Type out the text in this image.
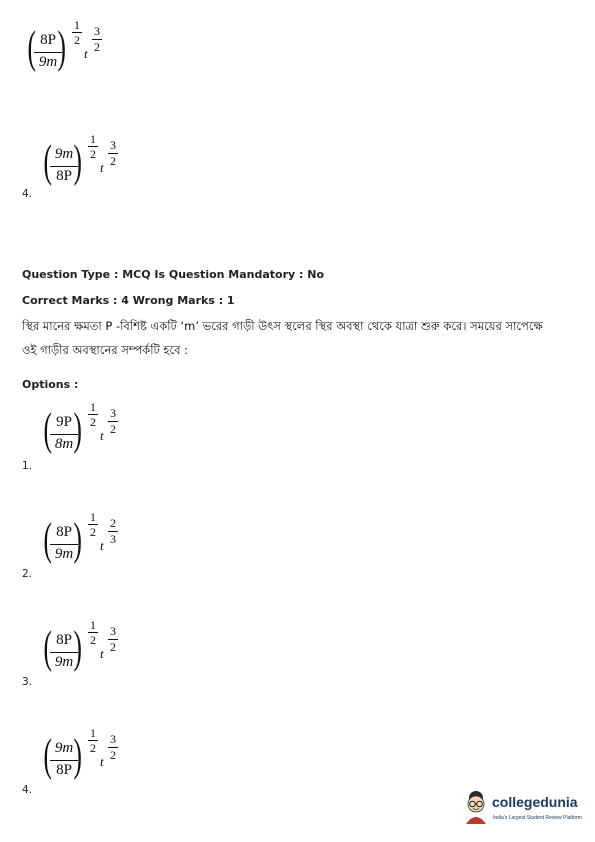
( 8P
9m ) 1
2
t
3
2
( 9m
8P ) 1
2
t
3
2
4.
Question Type : MCQ Is Question Mandatory : No
Correct Marks : 4 Wrong Marks : 1
স্থির মানের ক্ষমতা P -বিশিষ্ট একটি ‘m’ ভরের গাড়ী উৎস স্থলের স্থির অবস্থা থেকে যাত্রা শুরু করে। সময়ের সাপেক্ষে
ওই গাড়ীর অবস্থানের সম্পর্কটি হবে :
Options :
( 9P
8m ) 1
2
t
3
2
1.
( 8P
9m ) 1
2
t
2
3
2.
( 8P
9m ) 1
2
t
3
2
3.
( 9m
8P ) 1
2
t
3
2
4.
collegedunia
India's Largest Student Review Platform
